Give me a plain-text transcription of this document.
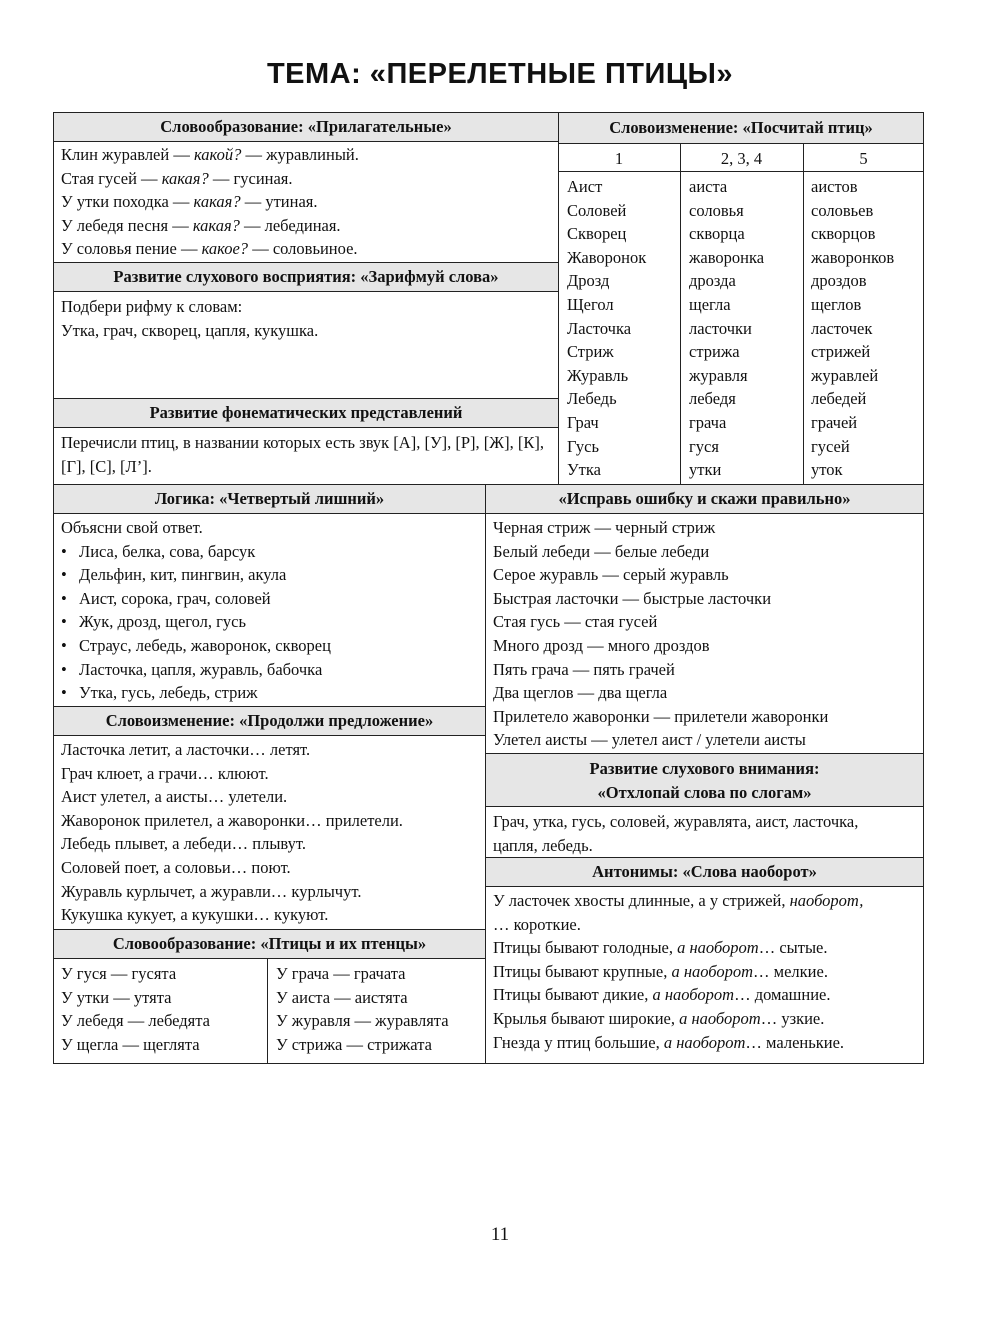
ТЕМА: «ПЕРЕЛЕТНЫЕ ПТИЦЫ»
Словообразование: «Прилагательные»
Клин журавлей — какой? — журавлиный.
Стая гусей — какая? — гусиная.
У утки походка — какая? — утиная.
У лебедя песня — какая? — лебединая.
У соловья пение — какое? — соловьиное.
Развитие слухового восприятия: «Зарифмуй слова»
Подбери рифму к словам:
Утка, грач, скворец, цапля, кукушка.
Развитие фонематических представлений
Перечисли птиц, в названии которых есть звук [А], [У], [Р], [Ж], [К], [Г], [С], [Л’].
Словоизменение: «Посчитай птиц»
1	2, 3, 4	5
Аист
Соловей
Скворец
Жаворонок
Дрозд
Щегол
Ласточка
Стриж
Журавль
Лебедь
Грач
Гусь
Утка
аиста
соловья
скворца
жаворонка
дрозда
щегла
ласточки
стрижа
журавля
лебедя
грача
гуся
утки
аистов
соловьев
скворцов
жаворонков
дроздов
щеглов
ласточек
стрижей
журавлей
лебедей
грачей
гусей
уток
Логика: «Четвертый лишний»
Объясни свой ответ.
• Лиса, белка, сова, барсук
• Дельфин, кит, пингвин, акула
• Аист, сорока, грач, соловей
• Жук, дрозд, щегол, гусь
• Страус, лебедь, жаворонок, скворец
• Ласточка, цапля, журавль, бабочка
• Утка, гусь, лебедь, стриж
Словоизменение: «Продолжи предложение»
Ласточка летит, а ласточки… летят.
Грач клюет, а грачи… клюют.
Аист улетел, а аисты… улетели.
Жаворонок прилетел, а жаворонки… прилетели.
Лебедь плывет, а лебеди… плывут.
Соловей поет, а соловьи… поют.
Журавль курлычет, а журавли… курлычут.
Кукушка кукует, а кукушки… кукуют.
Словообразование: «Птицы и их птенцы»
У гуся — гусята
У утки — утята
У лебедя — лебедята
У щегла — щеглята
У грача — грачата
У аиста — аистята
У журавля — журавлята
У стрижа — стрижата
«Исправь ошибку и скажи правильно»
Черная стриж — черный стриж
Белый лебеди — белые лебеди
Серое журавль — серый журавль
Быстрая ласточки — быстрые ласточки
Стая гусь — стая гусей
Много дрозд — много дроздов
Пять грача — пять грачей
Два щеглов — два щегла
Прилетело жаворонки — прилетели жаворонки
Улетел аисты — улетел аист / улетели аисты
Развитие слухового внимания:
«Отхлопай слова по слогам»
Грач, утка, гусь, соловей, журавлята, аист, ласточка,
цапля, лебедь.
Антонимы: «Слова наоборот»
У ласточек хвосты длинные, а у стрижей, наоборот,
… короткие.
Птицы бывают голодные, а наоборот… сытые.
Птицы бывают крупные, а наоборот… мелкие.
Птицы бывают дикие, а наоборот… домашние.
Крылья бывают широкие, а наоборот… узкие.
Гнезда у птиц большие, а наоборот… маленькие.
11
